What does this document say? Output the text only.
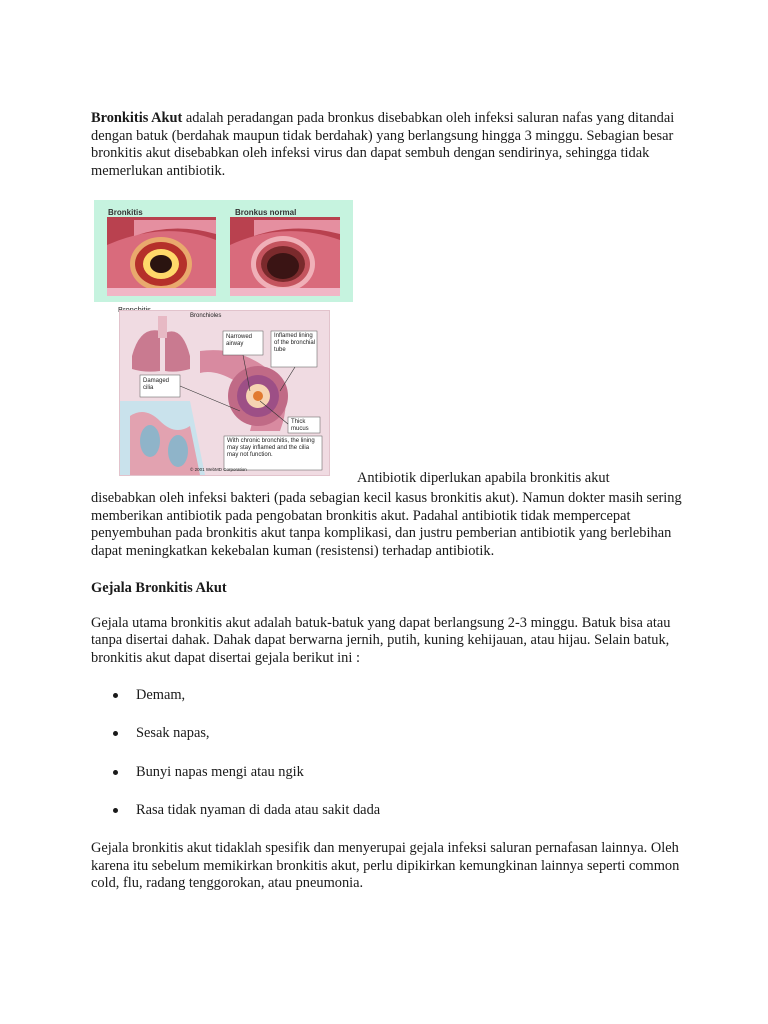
Bronkitis Akut adalah peradangan pada bronkus disebabkan oleh infeksi saluran nafas yang ditandai dengan batuk (berdahak maupun tidak berdahak) yang berlangsung hingga 3 minggu. Sebagian besar bronkitis akut disebabkan oleh infeksi virus dan dapat sembuh dengan sendirinya, sehingga tidak memerlukan antibiotik.

Bronkitis	Bronkus normal
Bronchioles
Narrowed airway
Inflamed lining of the bronchial tube
Damaged cilia
Thick mucus
With chronic bronchitis, the lining may stay inflamed and the cilia may not function.
© 2001 WebMD Corporation
Antibiotik diperlukan apabila bronkitis akut

disebabkan oleh infeksi bakteri (pada sebagian kecil kasus bronkitis akut). Namun dokter masih sering memberikan antibiotik pada pengobatan bronkitis akut. Padahal antibiotik tidak mempercepat penyembuhan pada bronkitis akut tanpa komplikasi, dan justru pemberian antibiotik yang berlebihan dapat meningkatkan kekebalan kuman (resistensi) terhadap antibiotik.

Gejala Bronkitis Akut

Gejala utama bronkitis akut adalah batuk-batuk yang dapat berlangsung 2-3 minggu. Batuk bisa atau tanpa disertai dahak. Dahak dapat berwarna jernih, putih, kuning kehijauan, atau hijau. Selain batuk, bronkitis akut dapat disertai gejala berikut ini :

Demam,
Sesak napas,
Bunyi napas mengi atau ngik
Rasa tidak nyaman di dada atau sakit dada

Gejala bronkitis akut tidaklah spesifik dan menyerupai gejala infeksi saluran pernafasan lainnya. Oleh karena itu sebelum memikirkan bronkitis akut, perlu dipikirkan kemungkinan lainnya seperti common cold, flu, radang tenggorokan, atau pneumonia.
